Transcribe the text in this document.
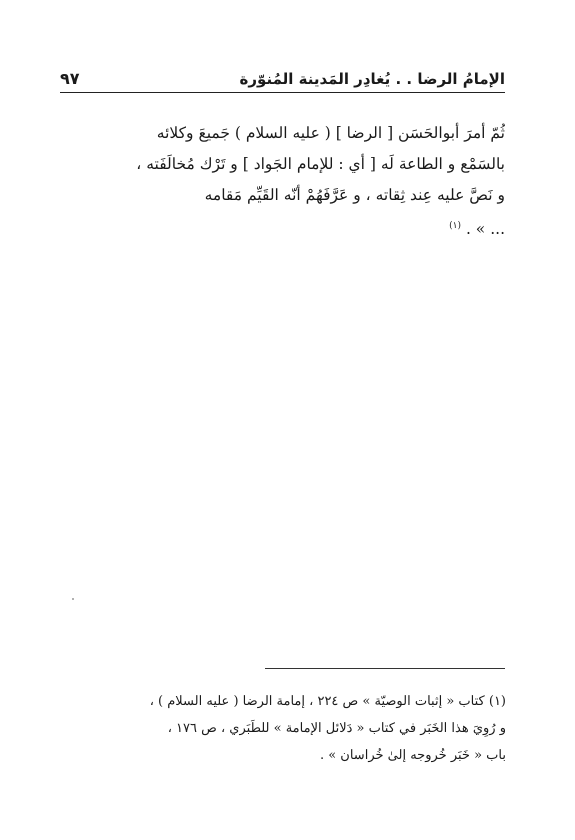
الإمامُ الرضا . . يُغادِر المَدينة المُنوّرة
٩٧
ثُمّ أمرَ أبوالحَسَن [ الرضا ] ( عليه السلام ) جَميعَ وكلائه
بالسَمْع و الطاعة لَه [ أي : للإمام الجَواد ] و تَرْك مُخالَفَته ،
و نَصَّ عليه عِند ثِقاته ، و عَرَّفَهُمْ أنّه القَيِّم مَقامه
... » . $^{(١)}$
(١) كتاب « إثبات الوصيّة » ص ٢٢٤ ، إمامة الرضا ( عليه السلام ) ،
و رُوِيَ هذا الخَبَر في كتاب « دَلائل الإمامة » للطَبَري ، ص ١٧٦ ،
باب « خَبَر خُروجه إلىٰ خُراسان » .
